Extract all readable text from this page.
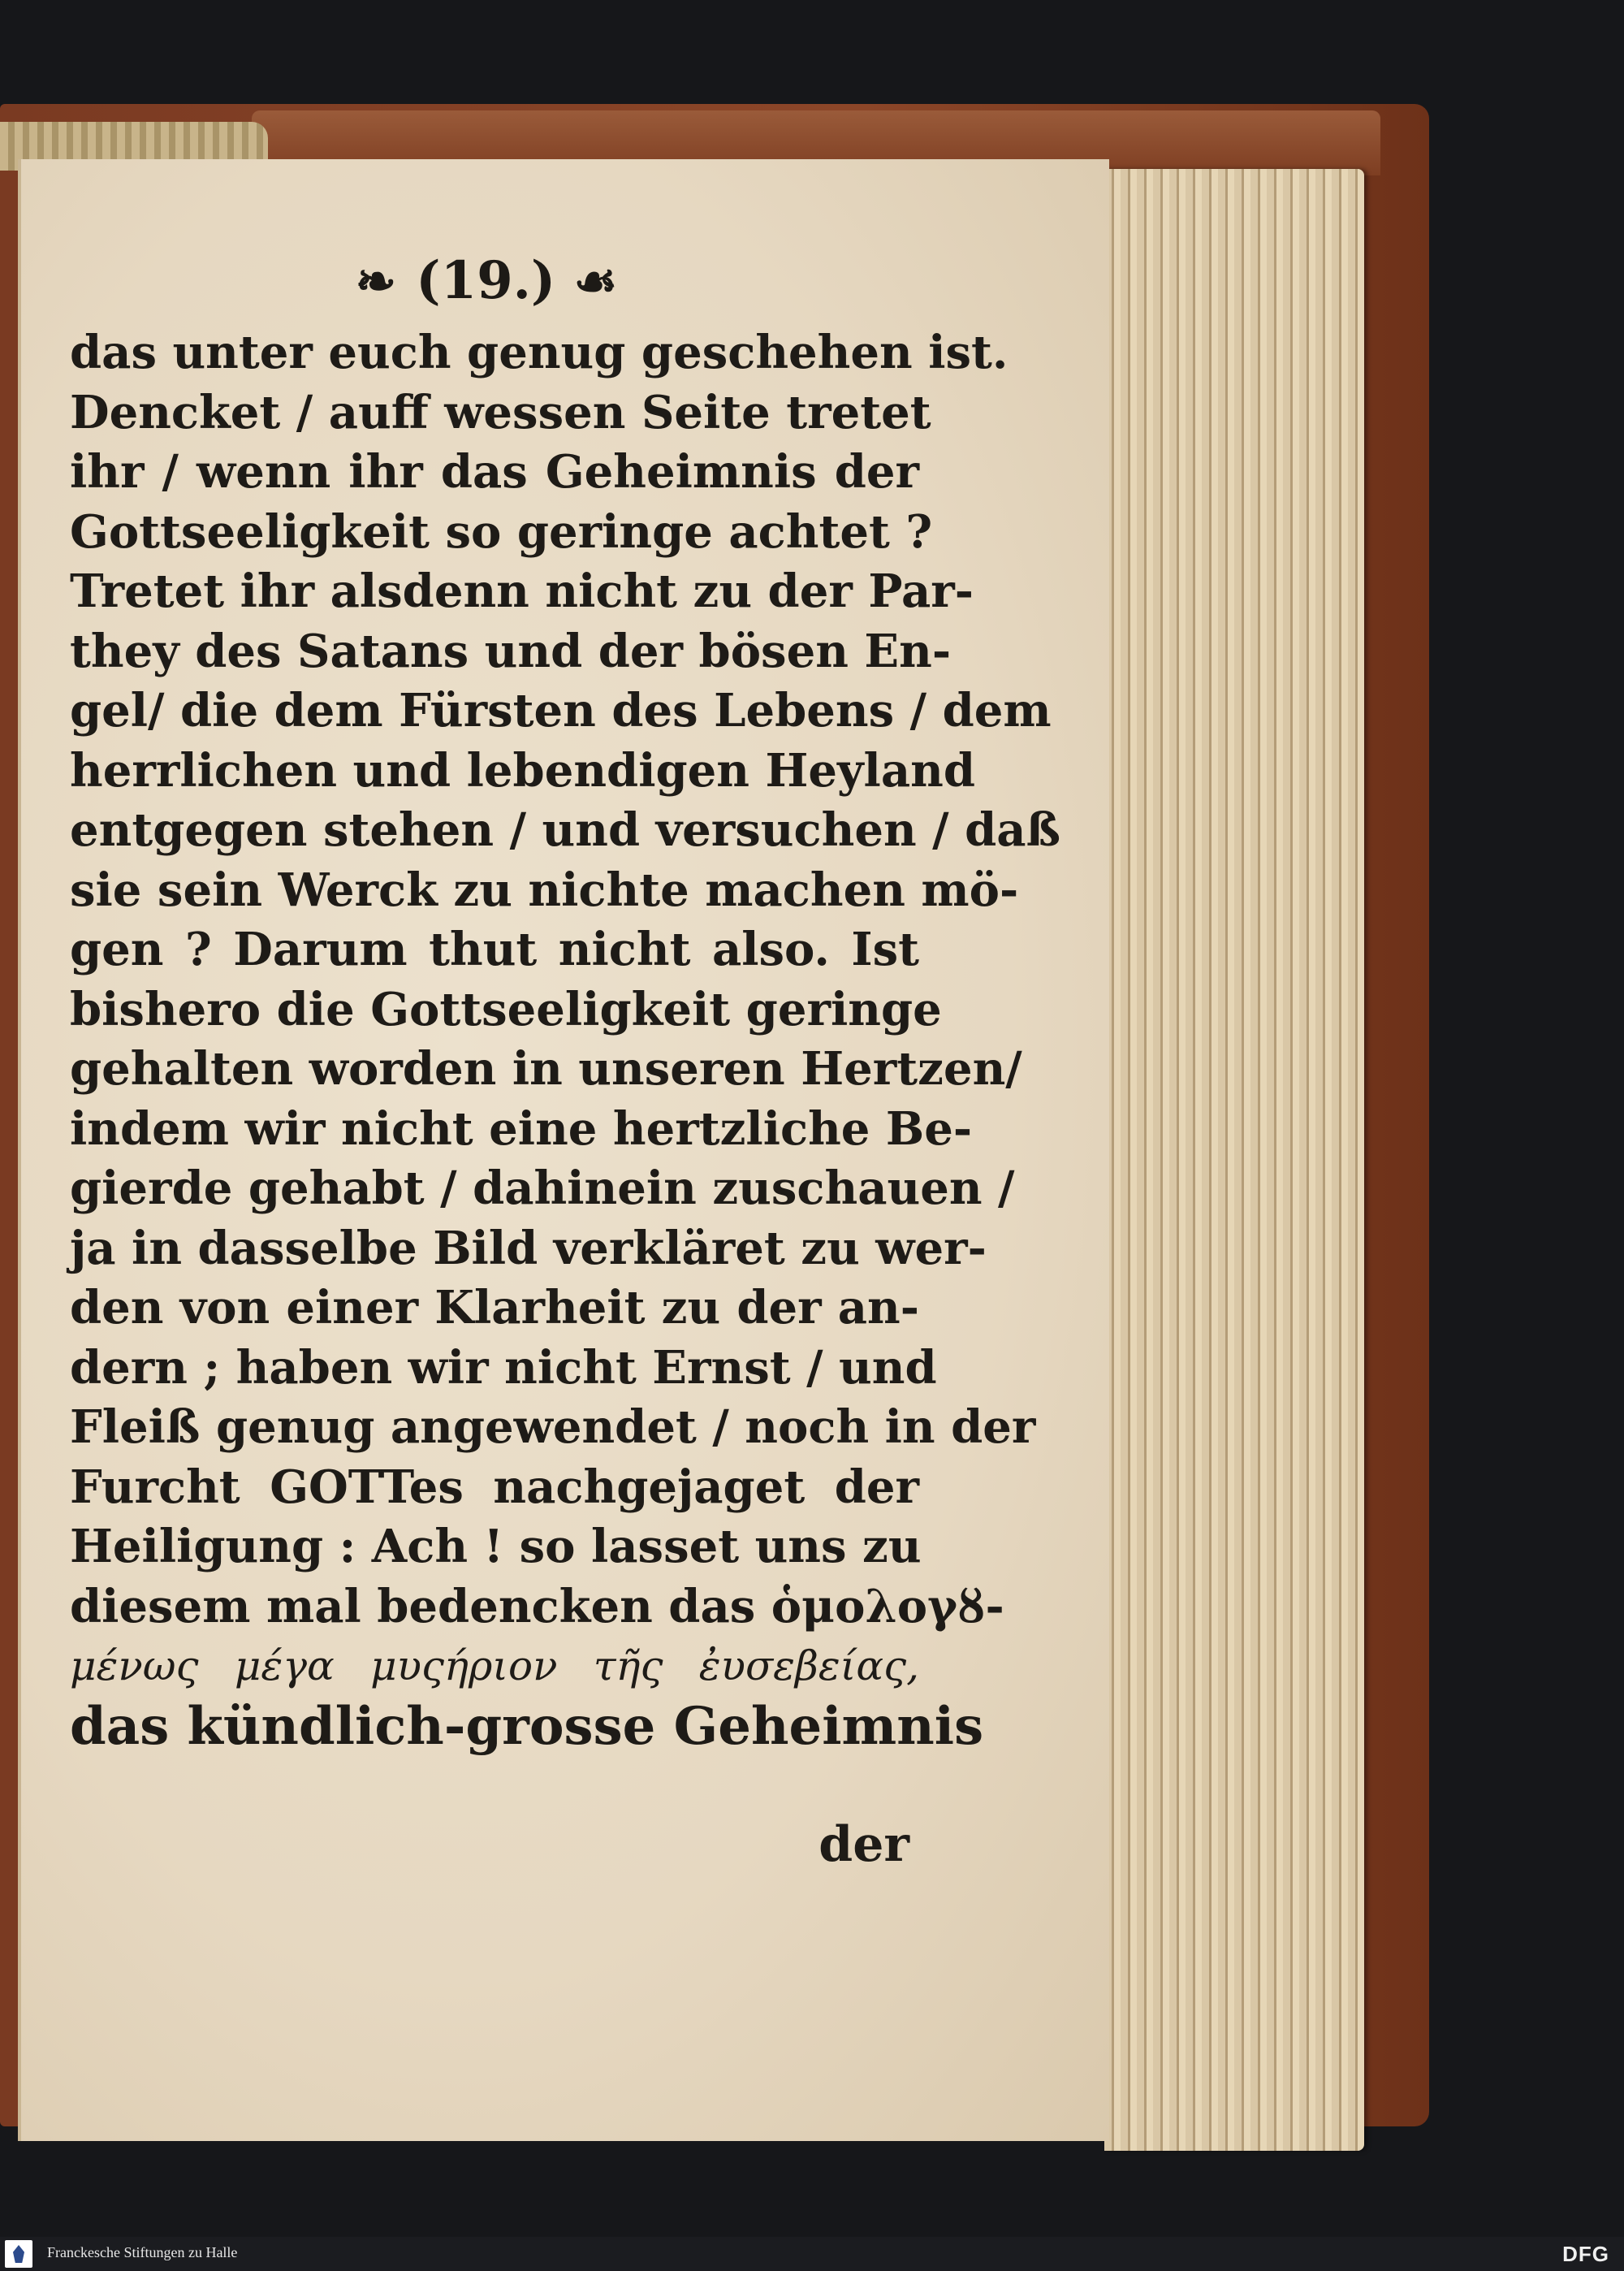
❧ (19.) ☙
das unter euch genug geschehen ist.
Dencket / auff wessen Seite tretet
ihr / wenn ihr das Geheimnis der
Gottseeligkeit so geringe achtet ?
Tretet ihr alsdenn nicht zu der Par-
they des Satans und der bösen En-
gel/ die dem Fürsten des Lebens / dem
herrlichen und lebendigen Heyland
entgegen stehen / und versuchen / daß
sie sein Werck zu nichte machen mö-
gen ? Darum thut nicht also. Ist
bishero die Gottseeligkeit geringe
gehalten worden in unseren Hertzen/
indem wir nicht eine hertzliche Be-
gierde gehabt / dahinein zuschauen /
ja in dasselbe Bild verkläret zu wer-
den von einer Klarheit zu der an-
dern ; haben wir nicht Ernst / und
Fleiß genug angewendet / noch in der
Furcht GOTTes nachgejaget der
Heiligung : Ach ! so lasset uns zu
diesem mal bedencken das ὁμολογȣ-
μένως μέγα μυςήριον τῆς ἐυσεβείας,
das kündlich-grosse Geheimnis
der
Franckesche Stiftungen zu Halle	DFG
